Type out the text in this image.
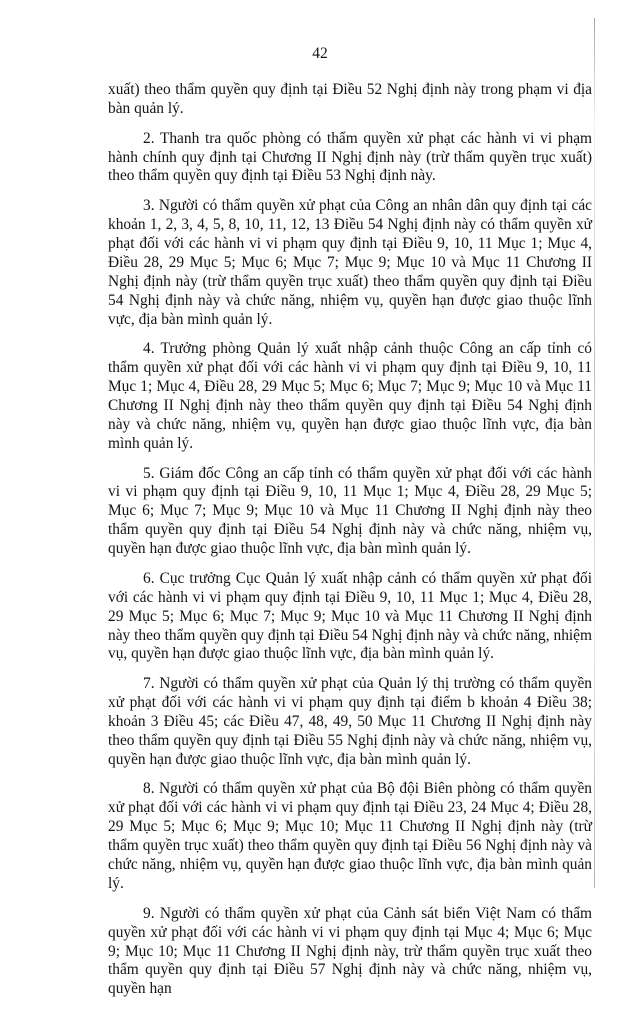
42

xuất) theo thẩm quyền quy định tại Điều 52 Nghị định này trong phạm vi địa bàn quản lý.

2. Thanh tra quốc phòng có thẩm quyền xử phạt các hành vi vi phạm hành chính quy định tại Chương II Nghị định này (trừ thẩm quyền trục xuất) theo thẩm quyền quy định tại Điều 53 Nghị định này.

3. Người có thẩm quyền xử phạt của Công an nhân dân quy định tại các khoản 1, 2, 3, 4, 5, 8, 10, 11, 12, 13 Điều 54 Nghị định này có thẩm quyền xử phạt đối với các hành vi vi phạm quy định tại Điều 9, 10, 11 Mục 1; Mục 4, Điều 28, 29 Mục 5; Mục 6; Mục 7; Mục 9; Mục 10 và Mục 11 Chương II Nghị định này (trừ thẩm quyền trục xuất) theo thẩm quyền quy định tại Điều 54 Nghị định này và chức năng, nhiệm vụ, quyền hạn được giao thuộc lĩnh vực, địa bàn mình quản lý.

4. Trưởng phòng Quản lý xuất nhập cảnh thuộc Công an cấp tỉnh có thẩm quyền xử phạt đối với các hành vi vi phạm quy định tại Điều 9, 10, 11 Mục 1; Mục 4, Điều 28, 29 Mục 5; Mục 6; Mục 7; Mục 9; Mục 10 và Mục 11 Chương II Nghị định này theo thẩm quyền quy định tại Điều 54 Nghị định này và chức năng, nhiệm vụ, quyền hạn được giao thuộc lĩnh vực, địa bàn mình quản lý.

5. Giám đốc Công an cấp tỉnh có thẩm quyền xử phạt đối với các hành vi vi phạm quy định tại Điều 9, 10, 11 Mục 1; Mục 4, Điều 28, 29 Mục 5; Mục 6; Mục 7; Mục 9; Mục 10 và Mục 11 Chương II Nghị định này theo thẩm quyền quy định tại Điều 54 Nghị định này và chức năng, nhiệm vụ, quyền hạn được giao thuộc lĩnh vực, địa bàn mình quản lý.

6. Cục trưởng Cục Quản lý xuất nhập cảnh có thẩm quyền xử phạt đối với các hành vi vi phạm quy định tại Điều 9, 10, 11 Mục 1; Mục 4, Điều 28, 29 Mục 5; Mục 6; Mục 7; Mục 9; Mục 10 và Mục 11 Chương II Nghị định này theo thẩm quyền quy định tại Điều 54 Nghị định này và chức năng, nhiệm vụ, quyền hạn được giao thuộc lĩnh vực, địa bàn mình quản lý.

7. Người có thẩm quyền xử phạt của Quản lý thị trường có thẩm quyền xử phạt đối với các hành vi vi phạm quy định tại điểm b khoản 4 Điều 38; khoản 3 Điều 45; các Điều 47, 48, 49, 50 Mục 11 Chương II Nghị định này theo thẩm quyền quy định tại Điều 55 Nghị định này và chức năng, nhiệm vụ, quyền hạn được giao thuộc lĩnh vực, địa bàn mình quản lý.

8. Người có thẩm quyền xử phạt của Bộ đội Biên phòng có thẩm quyền xử phạt đối với các hành vi vi phạm quy định tại Điều 23, 24 Mục 4; Điều 28, 29 Mục 5; Mục 6; Mục 9; Mục 10; Mục 11 Chương II Nghị định này (trừ thẩm quyền trục xuất) theo thẩm quyền quy định tại Điều 56 Nghị định này và chức năng, nhiệm vụ, quyền hạn được giao thuộc lĩnh vực, địa bàn mình quản lý.

9. Người có thẩm quyền xử phạt của Cảnh sát biển Việt Nam có thẩm quyền xử phạt đối với các hành vi vi phạm quy định tại Mục 4; Mục 6; Mục 9; Mục 10; Mục 11 Chương II Nghị định này, trừ thẩm quyền trục xuất theo thẩm quyền quy định tại Điều 57 Nghị định này và chức năng, nhiệm vụ, quyền hạn
